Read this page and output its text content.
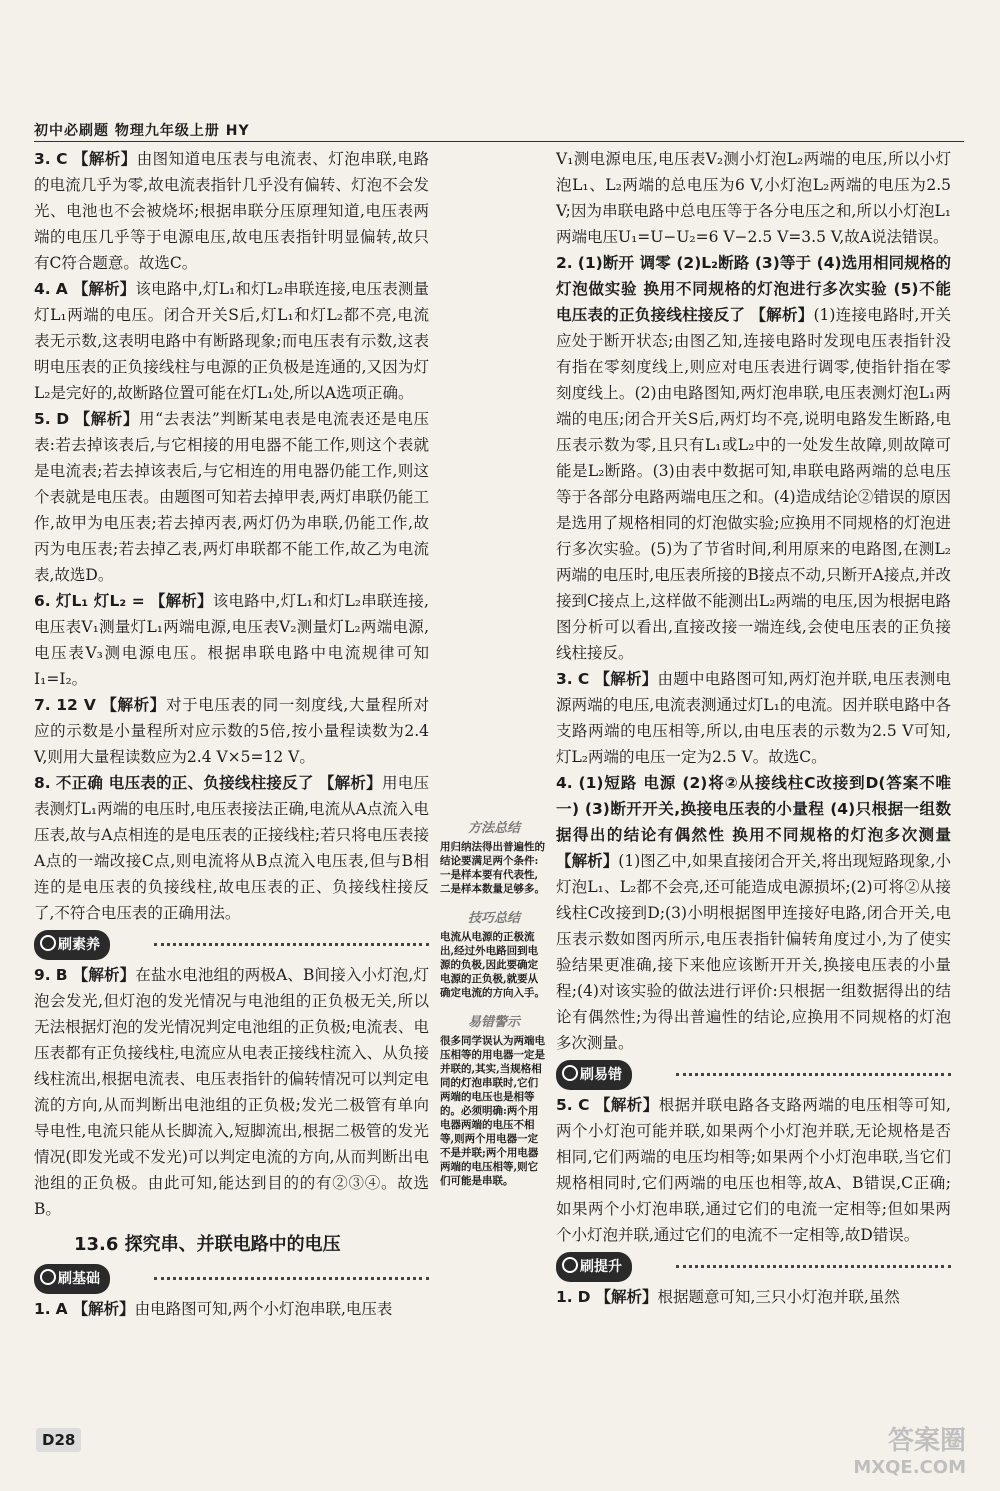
初中必刷题 物理九年级上册 HY

3. C 【解析】由图知道电压表与电流表、灯泡串联,电路的电流几乎为零,故电流表指针几乎没有偏转、灯泡不会发光、电池也不会被烧坏;根据串联分压原理知道,电压表两端的电压几乎等于电源电压,故电压表指针明显偏转,故只有C符合题意。故选C。

4. A 【解析】该电路中,灯L₁和灯L₂串联连接,电压表测量灯L₁两端的电压。闭合开关S后,灯L₁和灯L₂都不亮,电流表无示数,这表明电路中有断路现象;而电压表有示数,这表明电压表的正负接线柱与电源的正负极是连通的,又因为灯L₂是完好的,故断路位置可能在灯L₁处,所以A选项正确。

5. D 【解析】用“去表法”判断某电表是电流表还是电压表:若去掉该表后,与它相接的用电器不能工作,则这个表就是电流表;若去掉该表后,与它相连的用电器仍能工作,则这个表就是电压表。由题图可知若去掉甲表,两灯串联仍能工作,故甲为电压表;若去掉丙表,两灯仍为串联,仍能工作,故丙为电压表;若去掉乙表,两灯串联都不能工作,故乙为电流表,故选D。

6. 灯L₁ 灯L₂ = 【解析】该电路中,灯L₁和灯L₂串联连接,电压表V₁测量灯L₁两端电源,电压表V₂测量灯L₂两端电源,电压表V₃测电源电压。根据串联电路中电流规律可知I₁=I₂。

7. 12 V 【解析】对于电压表的同一刻度线,大量程所对应的示数是小量程所对应示数的5倍,按小量程读数为2.4 V,则用大量程读数应为2.4 V×5=12 V。

8. 不正确 电压表的正、负接线柱接反了 【解析】用电压表测灯L₁两端的电压时,电压表接法正确,电流从A点流入电压表,故与A点相连的是电压表的正接线柱;若只将电压表接A点的一端改接C点,则电流将从B点流入电压表,但与B相连的是电压表的负接线柱,故电压表的正、负接线柱接反了,不符合电压表的正确用法。

刷素养

9. B 【解析】在盐水电池组的两极A、B间接入小灯泡,灯泡会发光,但灯泡的发光情况与电池组的正负极无关,所以无法根据灯泡的发光情况判定电池组的正负极;电流表、电压表都有正负接线柱,电流应从电表正接线柱流入、从负接线柱流出,根据电流表、电压表指针的偏转情况可以判定电流的方向,从而判断出电池组的正负极;发光二极管有单向导电性,电流只能从长脚流入,短脚流出,根据二极管的发光情况(即发光或不发光)可以判定电流的方向,从而判断出电池组的正负极。由此可知,能达到目的的有②③④。故选B。

13.6 探究串、并联电路中的电压
刷基础

1. A 【解析】由电路图可知,两个小灯泡串联,电压表

方法总结
用归纳法得出普遍性的结论要满足两个条件:一是样本要有代表性,二是样本数量足够多。
技巧总结
电流从电源的正极流出,经过外电路回到电源的负极,因此要确定电源的正负极,就要从确定电流的方向入手。
易错警示
很多同学误认为两端电压相等的用电器一定是并联的,其实,当规格相同的灯泡串联时,它们两端的电压也是相等的。必须明确:两个用电器两端的电压不相等,则两个用电器一定不是并联;两个用电器两端的电压相等,则它们可能是串联。

V₁测电源电压,电压表V₂测小灯泡L₂两端的电压,所以小灯泡L₁、L₂两端的总电压为6 V,小灯泡L₂两端的电压为2.5 V;因为串联电路中总电压等于各分电压之和,所以小灯泡L₁两端电压U₁=U−U₂=6 V−2.5 V=3.5 V,故A说法错误。

2. (1)断开 调零 (2)L₂断路 (3)等于 (4)选用相同规格的灯泡做实验 换用不同规格的灯泡进行多次实验 (5)不能 电压表的正负接线柱接反了 【解析】(1)连接电路时,开关应处于断开状态;由图乙知,连接电路时发现电压表指针没有指在零刻度线上,则应对电压表进行调零,使指针指在零刻度线上。(2)由电路图知,两灯泡串联,电压表测灯泡L₁两端的电压;闭合开关S后,两灯均不亮,说明电路发生断路,电压表示数为零,且只有L₁或L₂中的一处发生故障,则故障可能是L₂断路。(3)由表中数据可知,串联电路两端的总电压等于各部分电路两端电压之和。(4)造成结论②错误的原因是选用了规格相同的灯泡做实验;应换用不同规格的灯泡进行多次实验。(5)为了节省时间,利用原来的电路图,在测L₂两端的电压时,电压表所接的B接点不动,只断开A接点,并改接到C接点上,这样做不能测出L₂两端的电压,因为根据电路图分析可以看出,直接改接一端连线,会使电压表的正负接线柱接反。

3. C 【解析】由题中电路图可知,两灯泡并联,电压表测电源两端的电压,电流表测通过灯L₁的电流。因并联电路中各支路两端的电压相等,所以,由电压表的示数为2.5 V可知,灯L₂两端的电压一定为2.5 V。故选C。

4. (1)短路 电源 (2)将②从接线柱C改接到D(答案不唯一) (3)断开开关,换接电压表的小量程 (4)只根据一组数据得出的结论有偶然性 换用不同规格的灯泡多次测量 【解析】(1)图乙中,如果直接闭合开关,将出现短路现象,小灯泡L₁、L₂都不会亮,还可能造成电源损坏;(2)可将②从接线柱C改接到D;(3)小明根据图甲连接好电路,闭合开关,电压表示数如图丙所示,电压表指针偏转角度过小,为了使实验结果更准确,接下来他应该断开开关,换接电压表的小量程;(4)对该实验的做法进行评价:只根据一组数据得出的结论有偶然性;为得出普遍性的结论,应换用不同规格的灯泡多次测量。

刷易错

5. C 【解析】根据并联电路各支路两端的电压相等可知,两个小灯泡可能并联,如果两个小灯泡并联,无论规格是否相同,它们两端的电压均相等;如果两个小灯泡串联,当它们规格相同时,它们两端的电压也相等,故A、B错误,C正确;如果两个小灯泡串联,通过它们的电流一定相等;但如果两个小灯泡并联,通过它们的电流不一定相等,故D错误。

刷提升

1. D 【解析】根据题意可知,三只小灯泡并联,虽然

D28	答案圈
MXQE.COM
